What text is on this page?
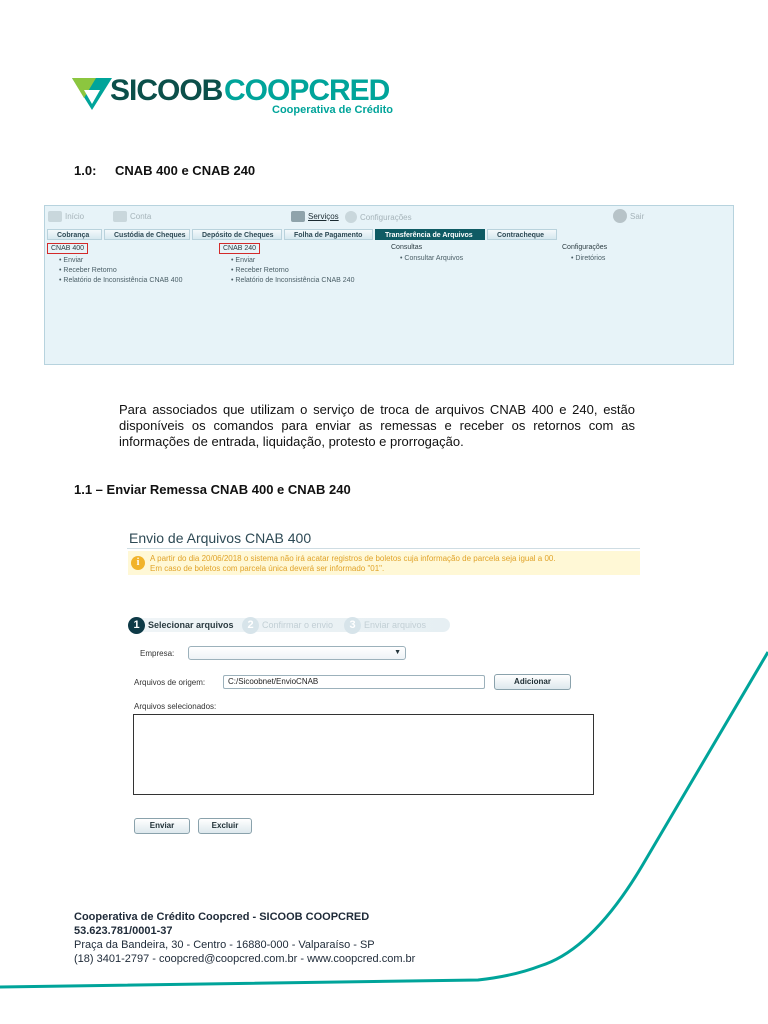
SICOOB COOPCRED
Cooperativa de Crédito
1.0: CNAB 400 e CNAB 240
Início	Conta	Serviços	Configurações	Sair
Cobrança	Custódia de Cheques	Depósito de Cheques	Folha de Pagamento	Transferência de Arquivos	Contracheque
CNAB 400
• Enviar
• Receber Retorno
• Relatório de Inconsistência CNAB 400
CNAB 240
• Enviar
• Receber Retorno
• Relatório de Inconsistência CNAB 240
Consultas
• Consultar Arquivos
Configurações
• Diretórios
Para associados que utilizam o serviço de troca de arquivos CNAB 400 e 240, estão disponíveis os comandos para enviar as remessas e receber os retornos com as informações de entrada, liquidação, protesto e prorrogação.
1.1 – Enviar Remessa CNAB 400 e CNAB 240
Envio de Arquivos CNAB 400
i	A partir do dia 20/06/2018 o sistema não irá acatar registros de boletos cuja informação de parcela seja igual a 00.
Em caso de boletos com parcela única deverá ser informado "01".
1 Selecionar arquivos	2 Confirmar o envio	3 Enviar arquivos
Empresa:	▼
Arquivos de origem:	C:/Sicoobnet/EnvioCNAB	Adicionar
Arquivos selecionados:
Enviar	Excluir
Cooperativa de Crédito Coopcred - SICOOB COOPCRED
53.623.781/0001-37
Praça da Bandeira, 30 - Centro - 16880-000 - Valparaíso - SP
(18) 3401-2797 - coopcred@coopcred.com.br - www.coopcred.com.br
